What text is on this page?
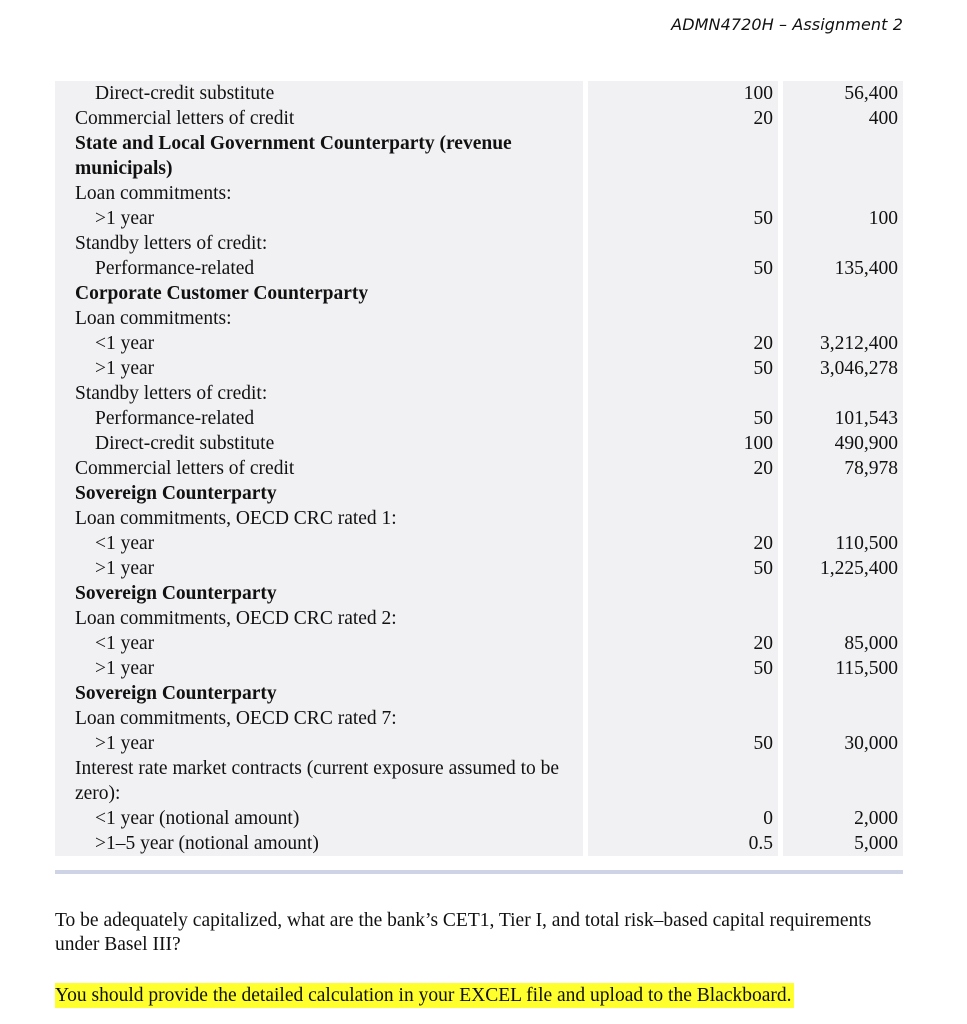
ADMN4720H – Assignment 2
Direct-credit substitute	100	56,400
Commercial letters of credit	20	400
State and Local Government Counterparty (revenue municipals)
Loan commitments:
>1 year	50	100
Standby letters of credit:
Performance-related	50	135,400
Corporate Customer Counterparty
Loan commitments:
<1 year	20	3,212,400
>1 year	50	3,046,278
Standby letters of credit:
Performance-related	50	101,543
Direct-credit substitute	100	490,900
Commercial letters of credit	20	78,978
Sovereign Counterparty
Loan commitments, OECD CRC rated 1:
<1 year	20	110,500
>1 year	50	1,225,400
Sovereign Counterparty
Loan commitments, OECD CRC rated 2:
<1 year	20	85,000
>1 year	50	115,500
Sovereign Counterparty
Loan commitments, OECD CRC rated 7:
>1 year	50	30,000
Interest rate market contracts (current exposure assumed to be zero):
<1 year (notional amount)	0	2,000
>1–5 year (notional amount)	0.5	5,000
To be adequately capitalized, what are the bank’s CET1, Tier I, and total risk–based capital requirements under Basel III?
You should provide the detailed calculation in your EXCEL file and upload to the Blackboard.
